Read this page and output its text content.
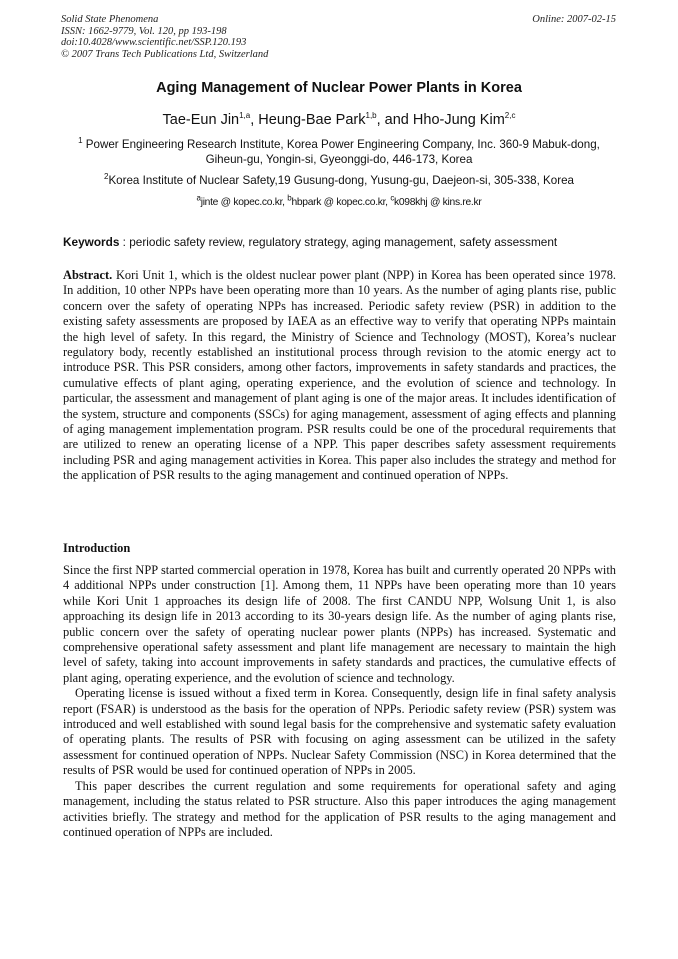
Solid State Phenomena
ISSN: 1662-9779, Vol. 120, pp 193-198
doi:10.4028/www.scientific.net/SSP.120.193
© 2007 Trans Tech Publications Ltd, Switzerland
Online: 2007-02-15
Aging Management of Nuclear Power Plants in Korea
Tae-Eun Jin$^{1,a}$, Heung-Bae Park$^{1,b}$, and Hho-Jung Kim$^{2,c}$
$^1$ Power Engineering Research Institute, Korea Power Engineering Company, Inc. 360-9 Mabuk-dong, Giheun-gu, Yongin-si, Gyeonggi-do, 446-173, Korea
$^2$Korea Institute of Nuclear Safety,19 Gusung-dong, Yusung-gu, Daejeon-si, 305-338, Korea
$^a$jinte @ kopec.co.kr, $^b$hbpark @ kopec.co.kr, $^c$k098khj @ kins.re.kr
Keywords : periodic safety review, regulatory strategy, aging management, safety assessment
Abstract. Kori Unit 1, which is the oldest nuclear power plant (NPP) in Korea has been operated since 1978. In addition, 10 other NPPs have been operating more than 10 years. As the number of aging plants rise, public concern over the safety of operating NPPs has increased. Periodic safety review (PSR) in addition to the existing safety assessments are proposed by IAEA as an effective way to verify that operating NPPs maintain the high level of safety. In this regard, the Ministry of Science and Technology (MOST), Korea’s nuclear regulatory body, recently established an institutional process through revision to the atomic energy act to introduce PSR. This PSR considers, among other factors, improvements in safety standards and practices, the cumulative effects of plant aging, operating experience, and the evolution of science and technology. In particular, the assessment and management of plant aging is one of the major areas. It includes identification of the system, structure and components (SSCs) for aging management, assessment of aging effects and planning of aging management implementation program. PSR results could be one of the procedural requirements that are utilized to renew an operating license of a NPP. This paper describes safety assessment requirements including PSR and aging management activities in Korea. This paper also includes the strategy and method for the application of PSR results to the aging management and continued operation of NPPs.
Introduction

Since the first NPP started commercial operation in 1978, Korea has built and currently operated 20 NPPs with 4 additional NPPs under construction [1]. Among them, 11 NPPs have been operating more than 10 years while Kori Unit 1 approaches its design life of 2008. The first CANDU NPP, Wolsung Unit 1, is also approaching its design life in 2013 according to its 30-years design life. As the number of aging plants rise, public concern over the safety of operating nuclear power plants (NPPs) has increased. Systematic and comprehensive operational safety assessment and plant life management are necessary to maintain the high level of safety, taking into account improvements in safety standards and practices, the cumulative effects of plant aging, operating experience, and the evolution of science and technology.

Operating license is issued without a fixed term in Korea. Consequently, design life in final safety analysis report (FSAR) is understood as the basis for the operation of NPPs. Periodic safety review (PSR) system was introduced and well established with sound legal basis for the comprehensive and systematic safety evaluation of operating plants. The results of PSR with focusing on aging assessment can be utilized in the safety assessment for continued operation of NPPs. Nuclear Safety Commission (NSC) in Korea determined that the results of PSR would be used for continued operation of NPPs in 2005.

This paper describes the current regulation and some requirements for operational safety and aging management, including the status related to PSR structure. Also this paper introduces the aging management activities briefly. The strategy and method for the application of PSR results to the aging management and continued operation of NPPs are included.
